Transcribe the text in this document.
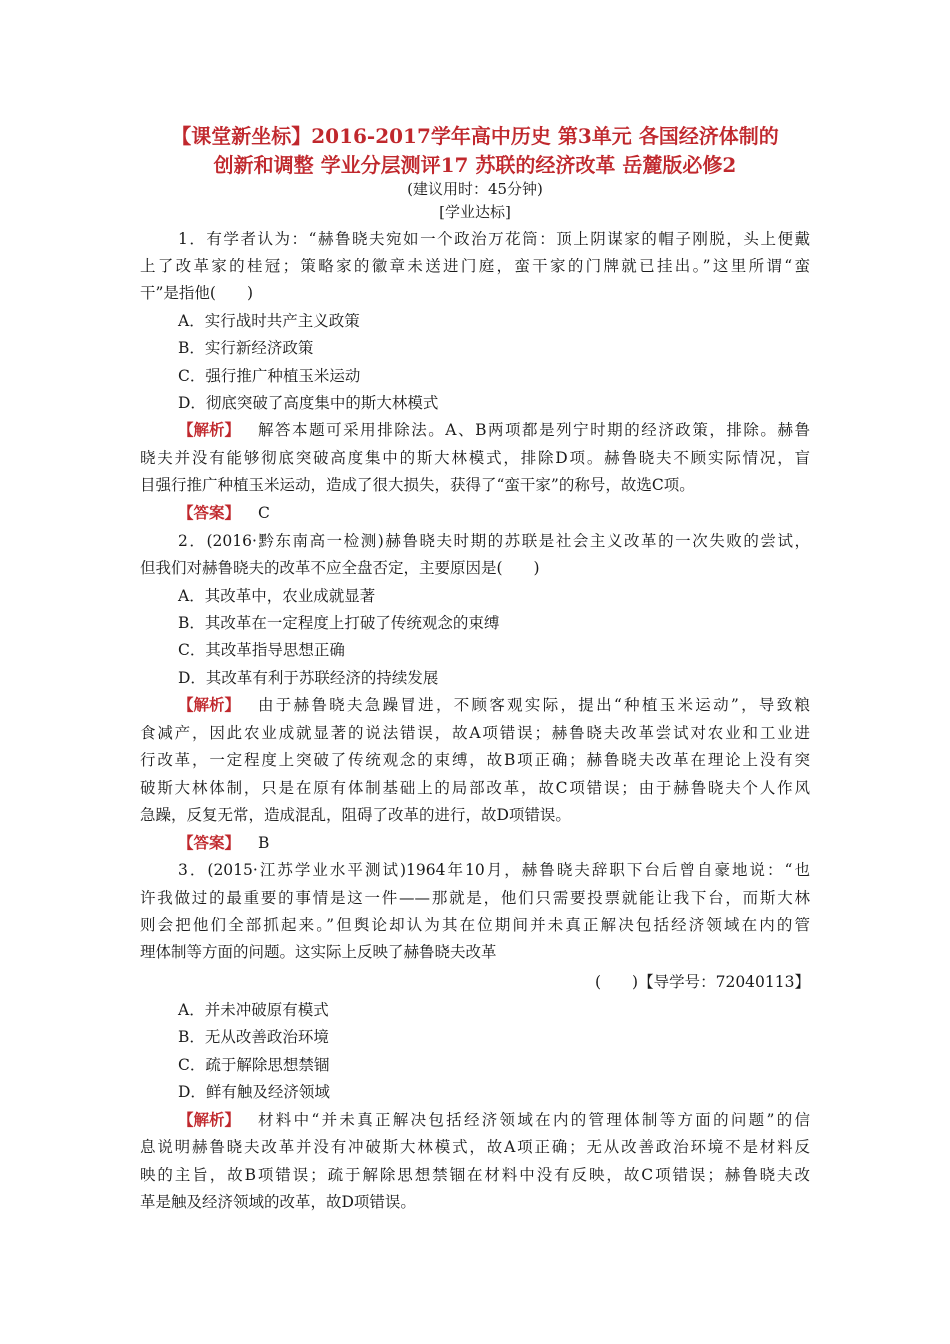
【课堂新坐标】2016-2017学年高中历史 第3单元 各国经济体制的
创新和调整 学业分层测评17 苏联的经济改革 岳麓版必修2
(建议用时：45分钟)
[学业达标]
1．有学者认为：“赫鲁晓夫宛如一个政治万花筒：顶上阴谋家的帽子刚脱，头上便戴
上了改革家的桂冠；策略家的徽章未送进门庭，蛮干家的门牌就已挂出。”这里所谓“蛮
干”是指他(　　)
A．实行战时共产主义政策
B．实行新经济政策
C．强行推广种植玉米运动
D．彻底突破了高度集中的斯大林模式
【解析】	解答本题可采用排除法。A、B两项都是列宁时期的经济政策，排除。赫鲁
晓夫并没有能够彻底突破高度集中的斯大林模式，排除D项。赫鲁晓夫不顾实际情况，盲
目强行推广种植玉米运动，造成了很大损失，获得了“蛮干家”的称号，故选C项。
【答案】	C
2．(2016·黔东南高一检测)赫鲁晓夫时期的苏联是社会主义改革的一次失败的尝试，
但我们对赫鲁晓夫的改革不应全盘否定，主要原因是(　　)
A．其改革中，农业成就显著
B．其改革在一定程度上打破了传统观念的束缚
C．其改革指导思想正确
D．其改革有利于苏联经济的持续发展
【解析】	由于赫鲁晓夫急躁冒进，不顾客观实际，提出“种植玉米运动”，导致粮
食减产，因此农业成就显著的说法错误，故A项错误；赫鲁晓夫改革尝试对农业和工业进
行改革，一定程度上突破了传统观念的束缚，故B项正确；赫鲁晓夫改革在理论上没有突
破斯大林体制，只是在原有体制基础上的局部改革，故C项错误；由于赫鲁晓夫个人作风
急躁，反复无常，造成混乱，阻碍了改革的进行，故D项错误。
【答案】	B
3．(2015·江苏学业水平测试)1964年10月，赫鲁晓夫辞职下台后曾自豪地说：“也
许我做过的最重要的事情是这一件——那就是，他们只需要投票就能让我下台，而斯大林
则会把他们全部抓起来。”但舆论却认为其在位期间并未真正解决包括经济领域在内的管
理体制等方面的问题。这实际上反映了赫鲁晓夫改革
(　　)【导学号：72040113】
A．并未冲破原有模式
B．无从改善政治环境
C．疏于解除思想禁锢
D．鲜有触及经济领域
【解析】	材料中“并未真正解决包括经济领域在内的管理体制等方面的问题”的信
息说明赫鲁晓夫改革并没有冲破斯大林模式，故A项正确；无从改善政治环境不是材料反
映的主旨，故B项错误；疏于解除思想禁锢在材料中没有反映，故C项错误；赫鲁晓夫改
革是触及经济领域的改革，故D项错误。
